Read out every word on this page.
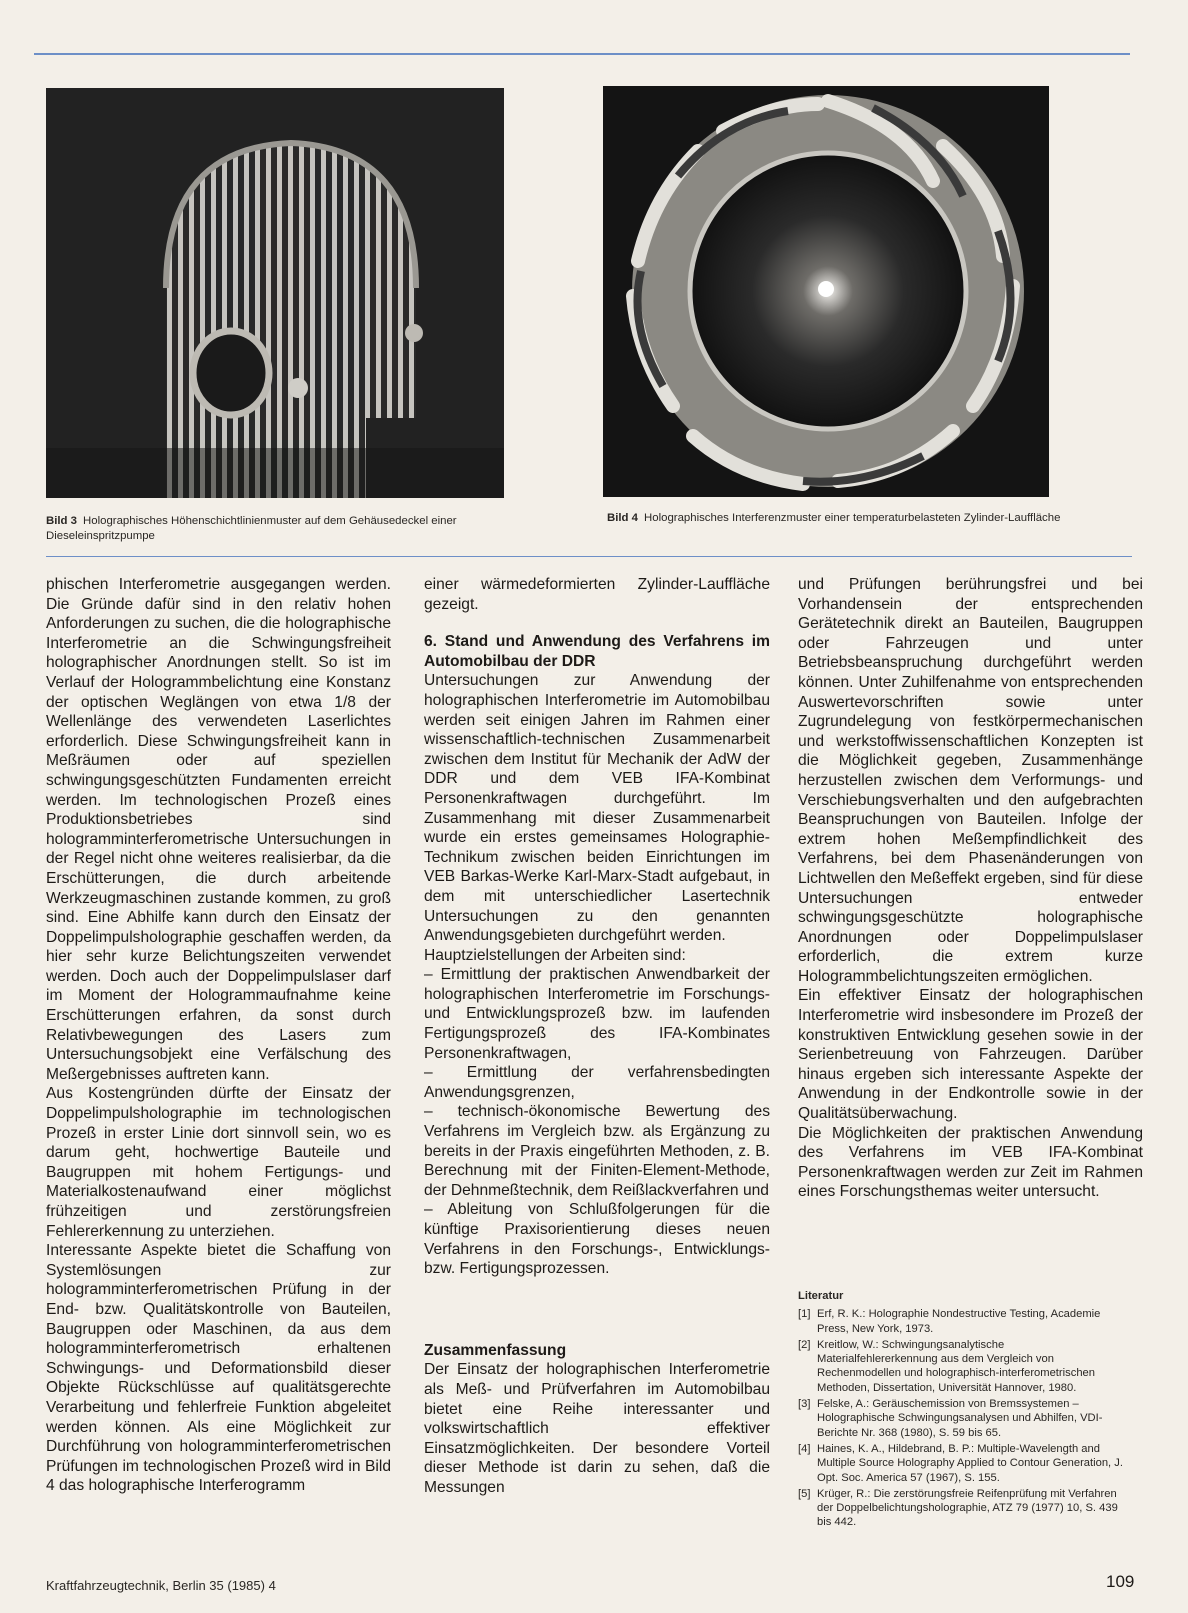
Bild 3 Holographisches Höhenschichtlinienmuster auf dem Gehäusedeckel einer Dieseleinspritzpumpe
Bild 4 Holographisches Interferenzmuster einer temperaturbelasteten Zylinder-Lauffläche

phischen Interferometrie ausgegangen werden. Die Gründe dafür sind in den relativ hohen Anforderungen zu suchen, die die holographische Interferometrie an die Schwingungsfreiheit holographischer Anordnungen stellt. So ist im Verlauf der Hologrammbelichtung eine Konstanz der optischen Weglängen von etwa 1/8 der Wellenlänge des verwendeten Laserlichtes erforderlich. Diese Schwingungsfreiheit kann in Meßräumen oder auf speziellen schwingungsgeschützten Fundamenten erreicht werden. Im technologischen Prozeß eines Produktionsbetriebes sind hologramminterferometrische Untersuchungen in der Regel nicht ohne weiteres realisierbar, da die Erschütterungen, die durch arbeitende Werkzeugmaschinen zustande kommen, zu groß sind. Eine Abhilfe kann durch den Einsatz der Doppelimpulsholographie geschaffen werden, da hier sehr kurze Belichtungszeiten verwendet werden. Doch auch der Doppelimpulslaser darf im Moment der Hologrammaufnahme keine Erschütterungen erfahren, da sonst durch Relativbewegungen des Lasers zum Untersuchungsobjekt eine Verfälschung des Meßergebnisses auftreten kann.

Aus Kostengründen dürfte der Einsatz der Doppelimpulsholographie im technologischen Prozeß in erster Linie dort sinnvoll sein, wo es darum geht, hochwertige Bauteile und Baugruppen mit hohem Fertigungs- und Materialkostenaufwand einer möglichst frühzeitigen und zerstörungsfreien Fehlererkennung zu unterziehen.

Interessante Aspekte bietet die Schaffung von Systemlösungen zur hologramminterferometrischen Prüfung in der End- bzw. Qualitätskontrolle von Bauteilen, Baugruppen oder Maschinen, da aus dem hologramminterferometrisch erhaltenen Schwingungs- und Deformationsbild dieser Objekte Rückschlüsse auf qualitätsgerechte Verarbeitung und fehlerfreie Funktion abgeleitet werden können. Als eine Möglichkeit zur Durchführung von hologramminterferometrischen Prüfungen im technologischen Prozeß wird in Bild 4 das holographische Interferogramm

einer wärmedeformierten Zylinder-Lauffläche gezeigt.

6. Stand und Anwendung des Verfahrens im Automobilbau der DDR

Untersuchungen zur Anwendung der holographischen Interferometrie im Automobilbau werden seit einigen Jahren im Rahmen einer wissenschaftlich-technischen Zusammenarbeit zwischen dem Institut für Mechanik der AdW der DDR und dem VEB IFA-Kombinat Personenkraftwagen durchgeführt. Im Zusammenhang mit dieser Zusammenarbeit wurde ein erstes gemeinsames Holographie-Technikum zwischen beiden Einrichtungen im VEB Barkas-Werke Karl-Marx-Stadt aufgebaut, in dem mit unterschiedlicher Lasertechnik Untersuchungen zu den genannten Anwendungsgebieten durchgeführt werden.

Hauptzielstellungen der Arbeiten sind:

– Ermittlung der praktischen Anwendbarkeit der holographischen Interferometrie im Forschungs- und Entwicklungsprozeß bzw. im laufenden Fertigungsprozeß des IFA-Kombinates Personenkraftwagen,

– Ermittlung der verfahrensbedingten Anwendungsgrenzen,

– technisch-ökonomische Bewertung des Verfahrens im Vergleich bzw. als Ergänzung zu bereits in der Praxis eingeführten Methoden, z. B. Berechnung mit der Finiten-Element-Methode, der Dehnmeßtechnik, dem Reißlackverfahren und

– Ableitung von Schlußfolgerungen für die künftige Praxisorientierung dieses neuen Verfahrens in den Forschungs-, Entwicklungs- bzw. Fertigungsprozessen.

Zusammenfassung

Der Einsatz der holographischen Interferometrie als Meß- und Prüfverfahren im Automobilbau bietet eine Reihe interessanter und volkswirtschaftlich effektiver Einsatzmöglichkeiten. Der besondere Vorteil dieser Methode ist darin zu sehen, daß die Messungen

und Prüfungen berührungsfrei und bei Vorhandensein der entsprechenden Gerätetechnik direkt an Bauteilen, Baugruppen oder Fahrzeugen und unter Betriebsbeanspruchung durchgeführt werden können. Unter Zuhilfenahme von entsprechenden Auswertevorschriften sowie unter Zugrundelegung von festkörpermechanischen und werkstoffwissenschaftlichen Konzepten ist die Möglichkeit gegeben, Zusammenhänge herzustellen zwischen dem Verformungs- und Verschiebungsverhalten und den aufgebrachten Beanspruchungen von Bauteilen. Infolge der extrem hohen Meßempfindlichkeit des Verfahrens, bei dem Phasenänderungen von Lichtwellen den Meßeffekt ergeben, sind für diese Untersuchungen entweder schwingungsgeschützte holographische Anordnungen oder Doppelimpulslaser erforderlich, die extrem kurze Hologrammbelichtungszeiten ermöglichen.

Ein effektiver Einsatz der holographischen Interferometrie wird insbesondere im Prozeß der konstruktiven Entwicklung gesehen sowie in der Serienbetreuung von Fahrzeugen. Darüber hinaus ergeben sich interessante Aspekte der Anwendung in der Endkontrolle sowie in der Qualitätsüberwachung.

Die Möglichkeiten der praktischen Anwendung des Verfahrens im VEB IFA-Kombinat Personenkraftwagen werden zur Zeit im Rahmen eines Forschungsthemas weiter untersucht.

Literatur
[1] Erf, R. K.: Holographie Nondestructive Testing, Academie Press, New York, 1973.
[2] Kreitlow, W.: Schwingungsanalytische Materialfehlererkennung aus dem Vergleich von Rechenmodellen und holographisch-interferometrischen Methoden, Dissertation, Universität Hannover, 1980.
[3] Felske, A.: Geräuschemission von Bremssystemen – Holographische Schwingungsanalysen und Abhilfen, VDI-Berichte Nr. 368 (1980), S. 59 bis 65.
[4] Haines, K. A., Hildebrand, B. P.: Multiple-Wavelength and Multiple Source Holography Applied to Contour Generation, J. Opt. Soc. America 57 (1967), S. 155.
[5] Krüger, R.: Die zerstörungsfreie Reifenprüfung mit Verfahren der Doppelbelichtungsholographie, ATZ 79 (1977) 10, S. 439 bis 442.
Kraftfahrzeugtechnik, Berlin 35 (1985) 4	109
